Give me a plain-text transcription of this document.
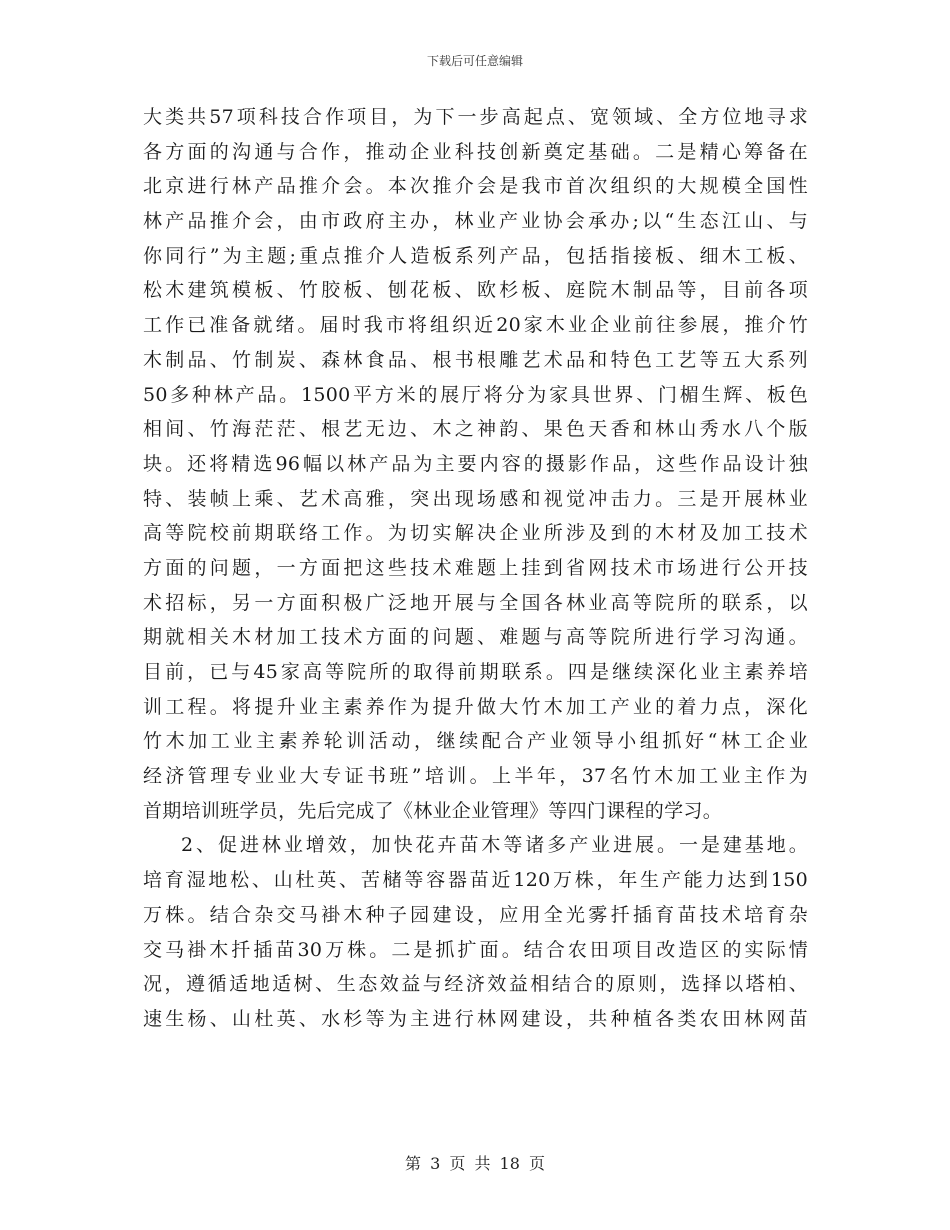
下载后可任意编辑
大类共57项科技合作项目，为下一步高起点、宽领域、全方位地寻求
各方面的沟通与合作，推动企业科技创新奠定基础。二是精心筹备在
北京进行林产品推介会。本次推介会是我市首次组织的大规模全国性
林产品推介会，由市政府主办，林业产业协会承办;以“生态江山、与
你同行”为主题;重点推介人造板系列产品，包括指接板、细木工板、
松木建筑模板、竹胶板、刨花板、欧杉板、庭院木制品等，目前各项
工作已准备就绪。届时我市将组织近20家木业企业前往参展，推介竹
木制品、竹制炭、森林食品、根书根雕艺术品和特色工艺等五大系列
50多种林产品。1500平方米的展厅将分为家具世界、门楣生辉、板色
相间、竹海茫茫、根艺无边、木之神韵、果色天香和林山秀水八个版
块。还将精选96幅以林产品为主要内容的摄影作品，这些作品设计独
特、装帧上乘、艺术高雅，突出现场感和视觉冲击力。三是开展林业
高等院校前期联络工作。为切实解决企业所涉及到的木材及加工技术
方面的问题，一方面把这些技术难题上挂到省网技术市场进行公开技
术招标，另一方面积极广泛地开展与全国各林业高等院所的联系，以
期就相关木材加工技术方面的问题、难题与高等院所进行学习沟通。
目前，已与45家高等院所的取得前期联系。四是继续深化业主素养培
训工程。将提升业主素养作为提升做大竹木加工产业的着力点，深化
竹木加工业主素养轮训活动，继续配合产业领导小组抓好“林工企业
经济管理专业业大专证书班”培训。上半年，37名竹木加工业主作为
首期培训班学员，先后完成了《林业企业管理》等四门课程的学习。
2、促进林业增效，加快花卉苗木等诸多产业进展。一是建基地。
培育湿地松、山杜英、苦槠等容器苗近120万株，年生产能力达到150
万株。结合杂交马褂木种子园建设，应用全光雾扦插育苗技术培育杂
交马褂木扦插苗30万株。二是抓扩面。结合农田项目改造区的实际情
况，遵循适地适树、生态效益与经济效益相结合的原则，选择以塔柏、
速生杨、山杜英、水杉等为主进行林网建设，共种植各类农田林网苗
第 3 页 共 18 页
